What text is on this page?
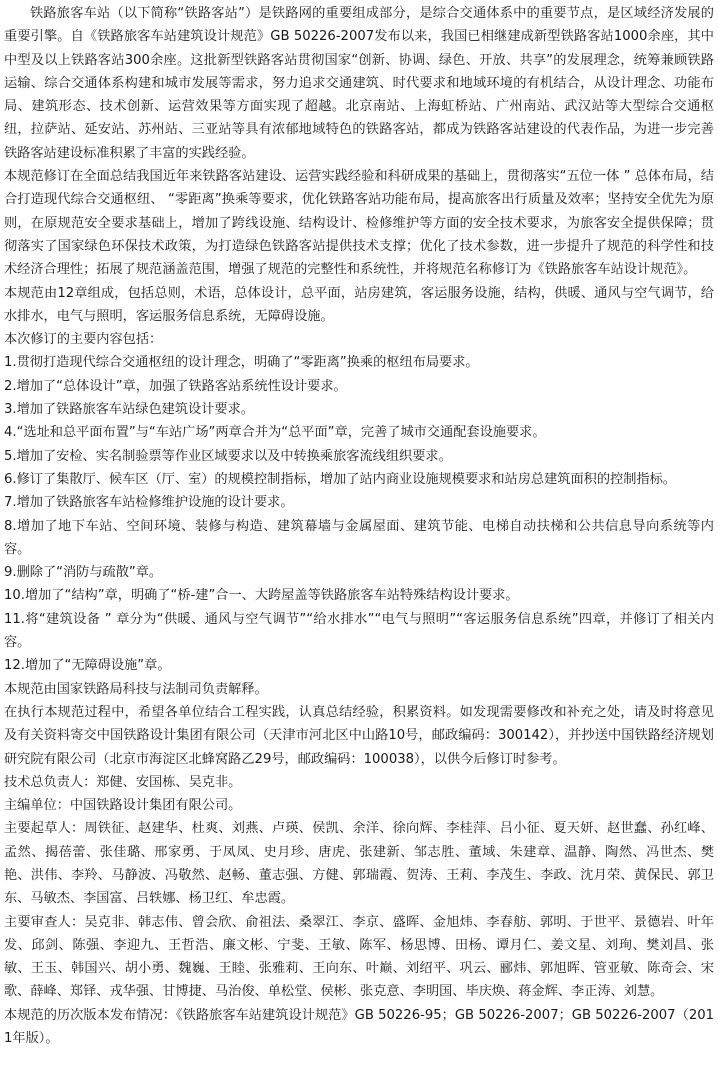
铁路旅客车站（以下简称“铁路客站”）是铁路网的重要组成部分，是综合交通体系中的重要节点，是区域经济发展的重要引擎。自《铁路旅客车站建筑设计规范》GB 50226-2007发布以来，我国已相继建成新型铁路客站1000余座，其中中型及以上铁路客站300余座。这批新型铁路客站贯彻国家“创新、协调、绿色、开放、共享”的发展理念，统筹兼顾铁路运输、综合交通体系构建和城市发展等需求，努力追求交通建筑、时代要求和地域环境的有机结合，从设计理念、功能布局、建筑形态、技术创新、运营效果等方面实现了超越。北京南站、上海虹桥站、广州南站、武汉站等大型综合交通枢纽，拉萨站、延安站、苏州站、三亚站等具有浓郁地域特色的铁路客站，都成为铁路客站建设的代表作品，为进一步完善铁路客站建设标准积累了丰富的实践经验。

本规范修订在全面总结我国近年来铁路客站建设、运营实践经验和科研成果的基础上，贯彻落实“五位一体 ” 总体布局，结合打造现代综合交通枢纽、 “零距离”换乘等要求，优化铁路客站功能布局，提高旅客出行质量及效率；坚持安全优先为原则，在原规范安全要求基础上，增加了跨线设施、结构设计、检修维护等方面的安全技术要求，为旅客安全提供保障；贯彻落实了国家绿色环保技术政策，为打造绿色铁路客站提供技术支撑；优化了技术参数，进一步提升了规范的科学性和技术经济合理性；拓展了规范涵盖范围，增强了规范的完整性和系统性，并将规范名称修订为《铁路旅客车站设计规范》。

本规范由12章组成，包括总则，术语，总体设计，总平面，站房建筑，客运服务设施，结构，供暖、通风与空气调节，给水排水，电气与照明，客运服务信息系统，无障碍设施。

本次修订的主要内容包括：

1.贯彻打造现代综合交通枢纽的设计理念，明确了“零距离”换乘的枢纽布局要求。

2.增加了“总体设计”章，加强了铁路客站系统性设计要求。

3.增加了铁路旅客车站绿色建筑设计要求。

4.“选址和总平面布置”与“车站广场”两章合并为“总平面”章，完善了城市交通配套设施要求。

5.增加了安检、实名制验票等作业区域要求以及中转换乘旅客流线组织要求。

6.修订了集散厅、候车区（厅、室）的规模控制指标，增加了站内商业设施规模要求和站房总建筑面积的控制指标。

7.增加了铁路旅客车站检修维护设施的设计要求。

8.增加了地下车站、空间环境、装修与构造、建筑幕墙与金属屋面、建筑节能、电梯自动扶梯和公共信息导向系统等内容。

9.删除了“消防与疏散”章。

10.增加了“结构”章，明确了“桥-建”合一、大跨屋盖等铁路旅客车站特殊结构设计要求。

11.将“建筑设备 ” 章分为“供暖、通风与空气调节”“给水排水”“电气与照明”“客运服务信息系统”四章，并修订了相关内容。

12.增加了“无障碍设施”章。

本规范由国家铁路局科技与法制司负责解释。

在执行本规范过程中，希望各单位结合工程实践，认真总结经验，积累资料。如发现需要修改和补充之处，请及时将意见及有关资料寄交中国铁路设计集团有限公司（天津市河北区中山路10号，邮政编码：300142），并抄送中国铁路经济规划研究院有限公司（北京市海淀区北蜂窝路乙29号，邮政编码：100038），以供今后修订时参考。

技术总负责人：郑健、安国栋、吴克非。

主编单位：中国铁路设计集团有限公司。

主要起草人：周铁征、赵建华、杜爽、刘燕、卢瑛、侯凯、余洋、徐向辉、李桂萍、吕小征、夏天妍、赵世蠢、孙红峰、孟然、揭蓓蕾、张佳璐、邢家勇、于凤凤、史月珍、唐虎、张建新、邹志胜、董域、朱建章、温静、陶然、冯世杰、樊艳、洪伟、李羚、马静波、冯敬然、赵畅、董志强、方健、郭瑞霞、贺涛、王莉、李茂生、李政、沈月荣、黄保民、郭卫东、马敏杰、李国富、吕轶娜、杨卫红、牟忠霞。

主要审查人：吴克非、韩志伟、曾会欣、俞祖法、桑翠江、李京、盛晖、金旭炜、李春舫、郭明、于世平、景德岩、叶年发、邱剑、陈强、李迎九、王哲浩、廉文彬、宁斐、王敏、陈军、杨思博、田杨、谭月仁、姜文星、刘珣、樊刘昌、张敏、王玉、韩国兴、胡小勇、魏巍、王睦、张雅莉、王向东、叶巅、刘绍平、巩云、郦炜、郭旭晖、管亚敏、陈奇会、宋歌、薛峰、郑铎、戎华强、甘博捷、马治俊、单松堂、侯彬、张克意、李明国、毕庆焕、蒋金辉、李正涛、刘慧。

本规范的历次版本发布情况：《铁路旅客车站建筑设计规范》GB 50226-95；GB 50226-2007；GB 50226-2007（2011年版）。
